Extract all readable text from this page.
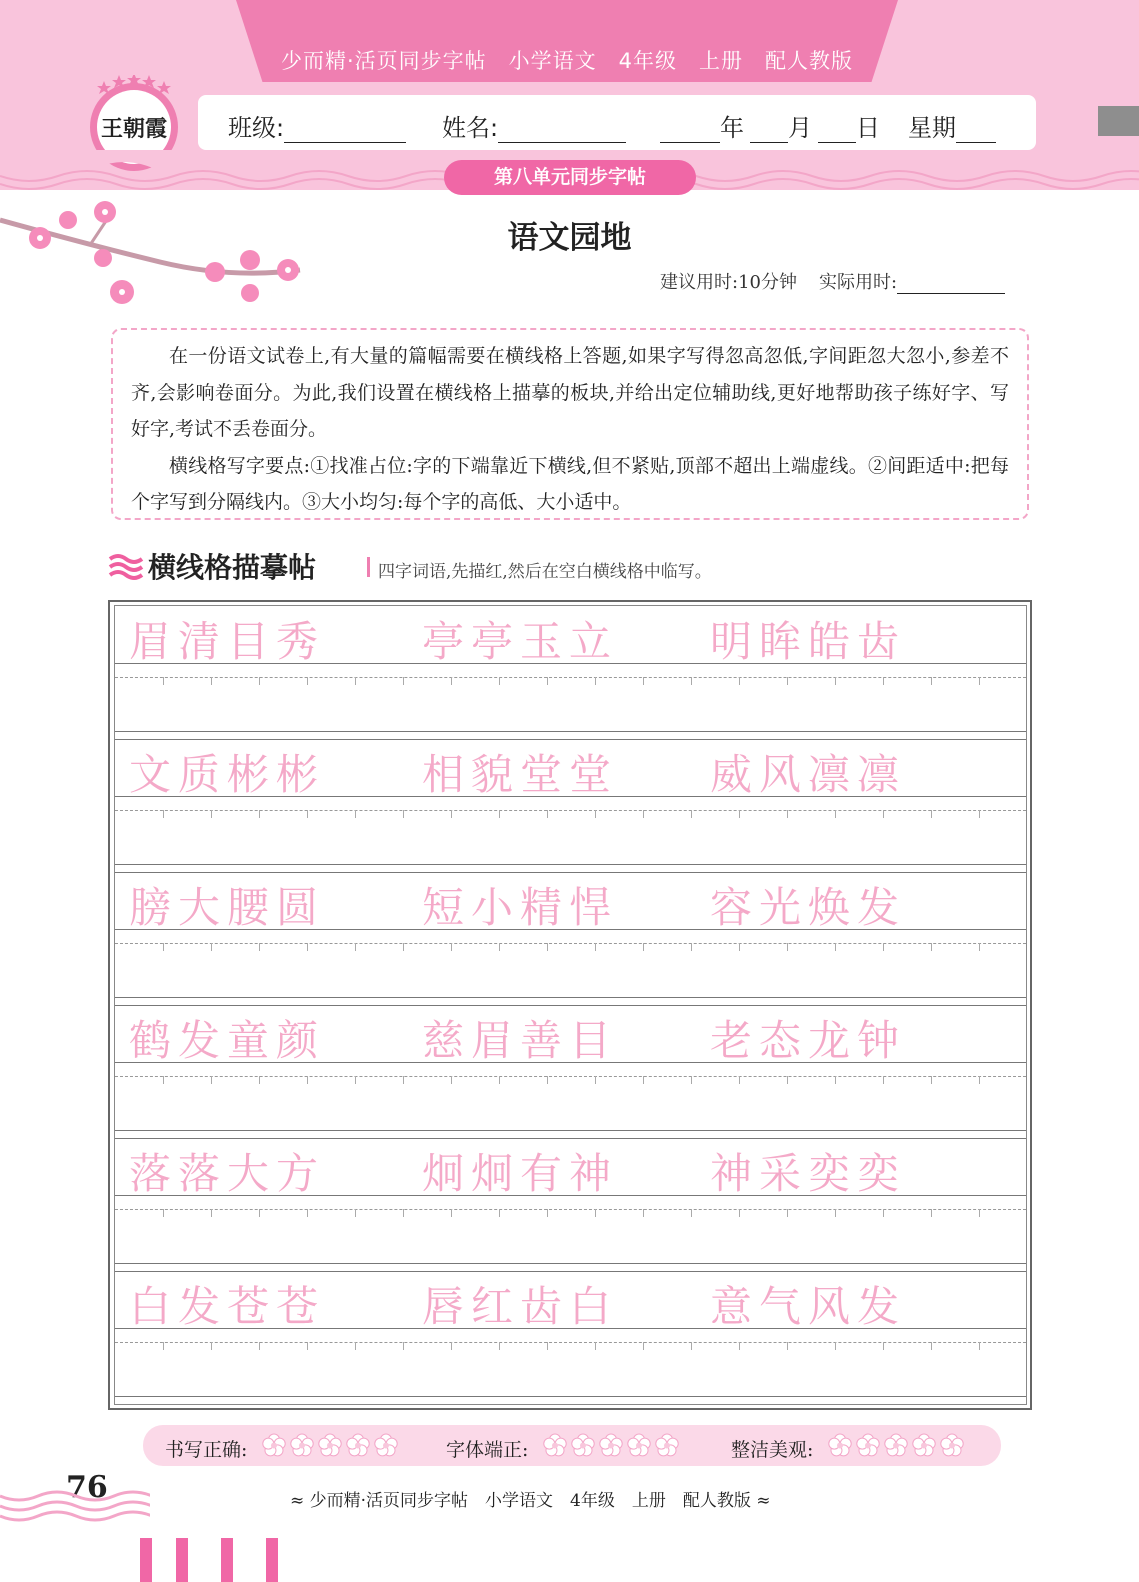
少而精·活页同步字帖　小学语文　4年级　上册　配人教版
王朝霞	班级:	姓名:	年 月 日 星期
第八单元同步字帖
语文园地
建议用时:10分钟 实际用时:

在一份语文试卷上,有大量的篇幅需要在横线格上答题,如果字写得忽高忽低,字间距忽大忽小,参差不齐,会影响卷面分。为此,我们设置在横线格上描摹的板块,并给出定位辅助线,更好地帮助孩子练好字、写好字,考试不丢卷面分。

横线格写字要点:①找准占位:字的下端靠近下横线,但不紧贴,顶部不超出上端虚线。②间距适中:把每个字写到分隔线内。③大小均匀:每个字的高低、大小适中。

横线格描摹帖	四字词语,先描红,然后在空白横线格中临写。
眉清目秀 亭亭玉立 明眸皓齿
文质彬彬 相貌堂堂 威风凛凛
膀大腰圆 短小精悍 容光焕发
鹤发童颜 慈眉善目 老态龙钟
落落大方 炯炯有神 神采奕奕
白发苍苍 唇红齿白 意气风发
书写正确:	字体端正:	整洁美观:
76	≈ 少而精·活页同步字帖　小学语文　4年级　上册　配人教版 ≈
